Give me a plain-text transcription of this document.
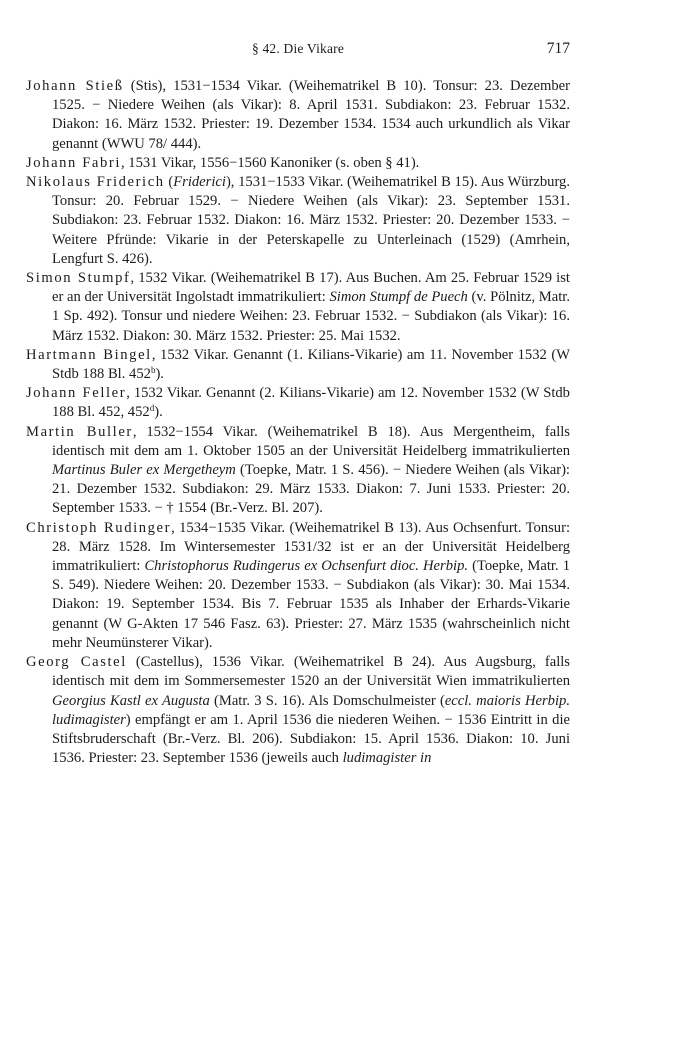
§ 42. Die Vikare	717

Johann Stieß (Stis), 1531−1534 Vikar. (Weihematrikel B 10). Tonsur: 23. Dezember 1525. − Niedere Weihen (als Vikar): 8. April 1531. Subdiakon: 23. Februar 1532. Diakon: 16. März 1532. Priester: 19. Dezember 1534. 1534 auch urkundlich als Vikar genannt (WWU 78/ 444).

Johann Fabri, 1531 Vikar, 1556−1560 Kanoniker (s. oben § 41).

Nikolaus Friderich (Friderici), 1531−1533 Vikar. (Weihematrikel B 15). Aus Würzburg. Tonsur: 20. Februar 1529. − Niedere Weihen (als Vikar): 23. September 1531. Subdiakon: 23. Februar 1532. Diakon: 16. März 1532. Priester: 20. Dezember 1533. − Weitere Pfründe: Vikarie in der Peterskapelle zu Unterleinach (1529) (Amrhein, Lengfurt S. 426).

Simon Stumpf, 1532 Vikar. (Weihematrikel B 17). Aus Buchen. Am 25. Februar 1529 ist er an der Universität Ingolstadt immatrikuliert: Simon Stumpf de Puech (v. Pölnitz, Matr. 1 Sp. 492). Tonsur und niedere Weihen: 23. Februar 1532. − Subdiakon (als Vikar): 16. März 1532. Diakon: 30. März 1532. Priester: 25. Mai 1532.

Hartmann Bingel, 1532 Vikar. Genannt (1. Kilians-Vikarie) am 11. November 1532 (W Stdb 188 Bl. 452$^b$).

Johann Feller, 1532 Vikar. Genannt (2. Kilians-Vikarie) am 12. November 1532 (W Stdb 188 Bl. 452, 452$^d$).

Martin Buller, 1532−1554 Vikar. (Weihematrikel B 18). Aus Mergentheim, falls identisch mit dem am 1. Oktober 1505 an der Universität Heidelberg immatrikulierten Martinus Buler ex Mergetheym (Toepke, Matr. 1 S. 456). − Niedere Weihen (als Vikar): 21. Dezember 1532. Subdiakon: 29. März 1533. Diakon: 7. Juni 1533. Priester: 20. September 1533. − † 1554 (Br.-Verz. Bl. 207).

Christoph Rudinger, 1534−1535 Vikar. (Weihematrikel B 13). Aus Ochsenfurt. Tonsur: 28. März 1528. Im Wintersemester 1531/32 ist er an der Universität Heidelberg immatrikuliert: Christophorus Rudingerus ex Ochsenfurt dioc. Herbip. (Toepke, Matr. 1 S. 549). Niedere Weihen: 20. Dezember 1533. − Subdiakon (als Vikar): 30. Mai 1534. Diakon: 19. September 1534. Bis 7. Februar 1535 als Inhaber der Erhards-Vikarie genannt (W G-Akten 17 546 Fasz. 63). Priester: 27. März 1535 (wahrscheinlich nicht mehr Neumünsterer Vikar).

Georg Castel (Castellus), 1536 Vikar. (Weihematrikel B 24). Aus Augsburg, falls identisch mit dem im Sommersemester 1520 an der Universität Wien immatrikulierten Georgius Kastl ex Augusta (Matr. 3 S. 16). Als Domschulmeister (eccl. maioris Herbip. ludimagister) empfängt er am 1. April 1536 die niederen Weihen. − 1536 Eintritt in die Stiftsbruderschaft (Br.-Verz. Bl. 206). Subdiakon: 15. April 1536. Diakon: 10. Juni 1536. Priester: 23. September 1536 (jeweils auch ludimagister in
